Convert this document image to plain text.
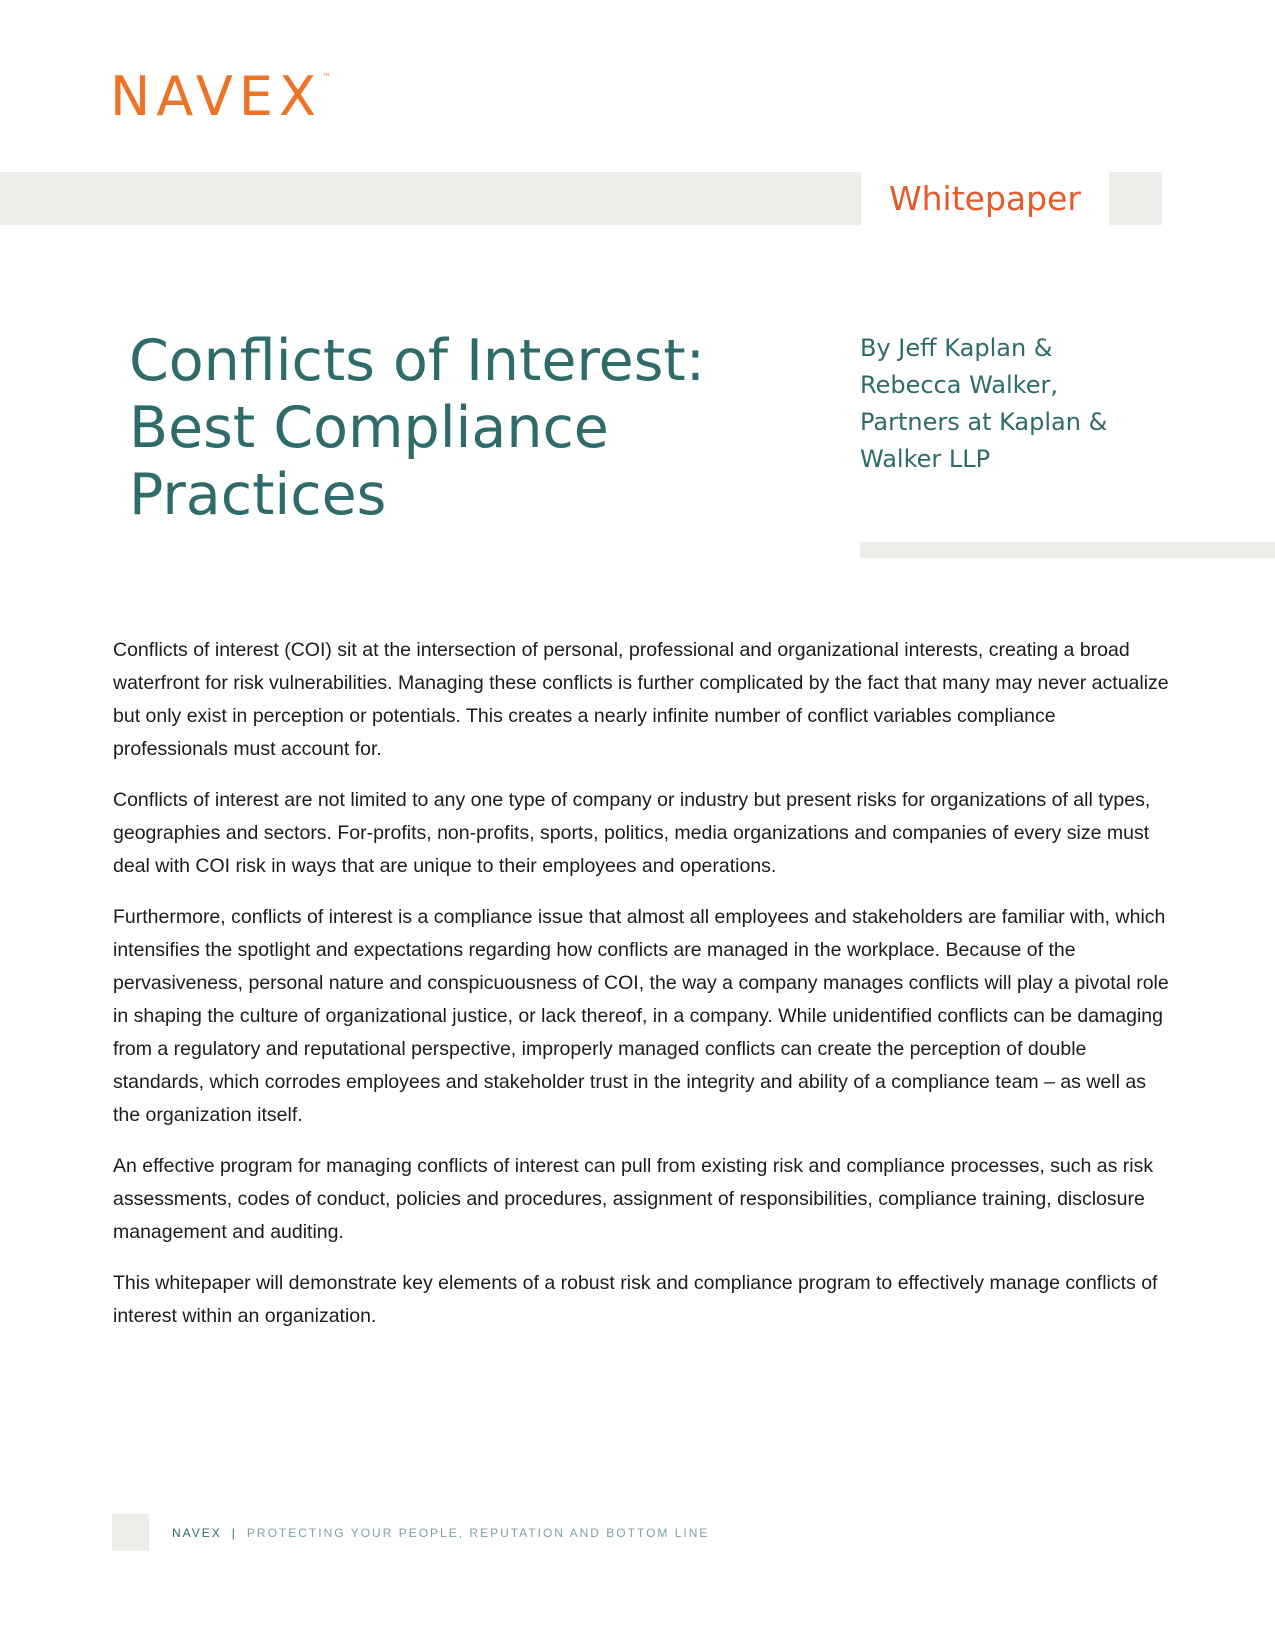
NAVEX™
Whitepaper
Conflicts of Interest:
Best Compliance
Practices
By Jeff Kaplan &
Rebecca Walker,
Partners at Kaplan &
Walker LLP

Conflicts of interest (COI) sit at the intersection of personal, professional and organizational interests, creating a broad waterfront for risk vulnerabilities. Managing these conflicts is further complicated by the fact that many may never actualize but only exist in perception or potentials. This creates a nearly infinite number of conflict variables compliance professionals must account for.

Conflicts of interest are not limited to any one type of company or industry but present risks for organizations of all types, geographies and sectors. For-profits, non-profits, sports, politics, media organizations and companies of every size must deal with COI risk in ways that are unique to their employees and operations.

Furthermore, conflicts of interest is a compliance issue that almost all employees and stakeholders are familiar with, which intensifies the spotlight and expectations regarding how conflicts are managed in the workplace. Because of the pervasiveness, personal nature and conspicuousness of COI, the way a company manages conflicts will play a pivotal role in shaping the culture of organizational justice, or lack thereof, in a company. While unidentified conflicts can be damaging from a regulatory and reputational perspective, improperly managed conflicts can create the perception of double standards, which corrodes employees and stakeholder trust in the integrity and ability of a compliance team – as well as the organization itself.

An effective program for managing conflicts of interest can pull from existing risk and compliance processes, such as risk assessments, codes of conduct, policies and procedures, assignment of responsibilities, compliance training, disclosure management and auditing.

This whitepaper will demonstrate key elements of a robust risk and compliance program to effectively manage conflicts of interest within an organization.

NAVEX | PROTECTING YOUR PEOPLE, REPUTATION AND BOTTOM LINE
